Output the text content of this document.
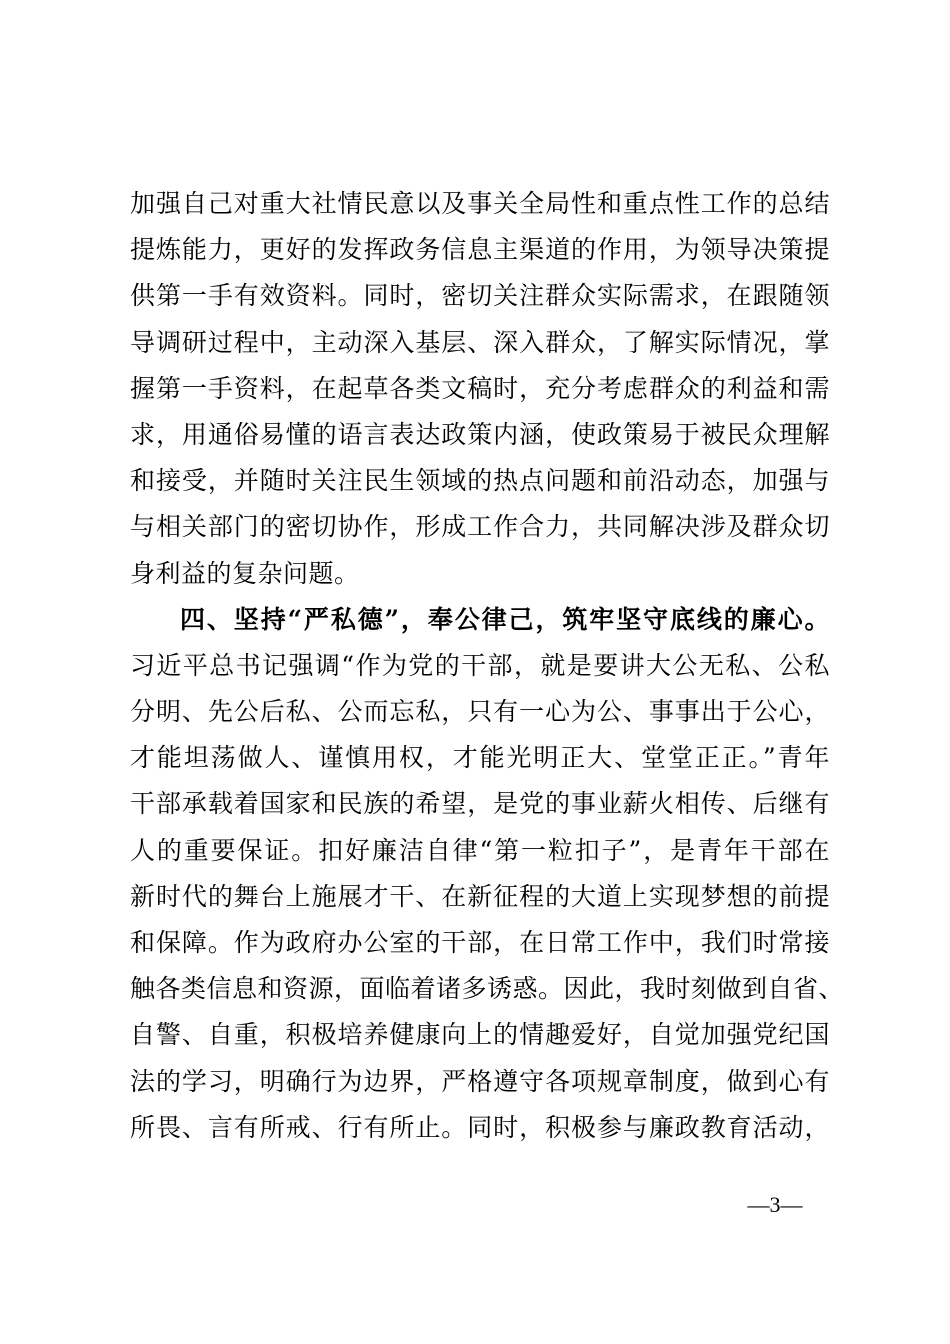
加强自己对重大社情民意以及事关全局性和重点性工作的总结
提炼能力，更好的发挥政务信息主渠道的作用，为领导决策提
供第一手有效资料。同时，密切关注群众实际需求，在跟随领
导调研过程中，主动深入基层、深入群众，了解实际情况，掌
握第一手资料，在起草各类文稿时，充分考虑群众的利益和需
求，用通俗易懂的语言表达政策内涵，使政策易于被民众理解
和接受，并随时关注民生领域的热点问题和前沿动态，加强与
与相关部门的密切协作，形成工作合力，共同解决涉及群众切
身利益的复杂问题。
四、坚持“严私德”，奉公律己，筑牢坚守底线的廉心。
习近平总书记强调“作为党的干部，就是要讲大公无私、公私
分明、先公后私、公而忘私，只有一心为公、事事出于公心，
才能坦荡做人、谨慎用权，才能光明正大、堂堂正正。”青年
干部承载着国家和民族的希望，是党的事业薪火相传、后继有
人的重要保证。扣好廉洁自律“第一粒扣子”，是青年干部在
新时代的舞台上施展才干、在新征程的大道上实现梦想的前提
和保障。作为政府办公室的干部，在日常工作中，我们时常接
触各类信息和资源，面临着诸多诱惑。因此，我时刻做到自省、
自警、自重，积极培养健康向上的情趣爱好，自觉加强党纪国
法的学习，明确行为边界，严格遵守各项规章制度，做到心有
所畏、言有所戒、行有所止。同时，积极参与廉政教育活动，
—3—
